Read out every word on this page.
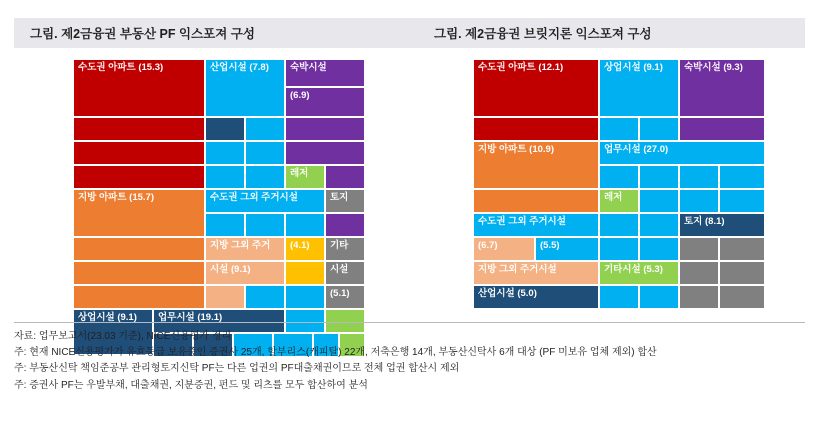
그림. 제2금융권 부동산 PF 익스포져 구성	그림. 제2금융권 브릿지론 익스포져 구성
수도권 아파트 (15.3)	산업시설 (7.8) 숙박시설
(6.9)
레저
지방 아파트 (15.7)	수도권 그외 주거시설	토지
지방 그외 주거 (4.1) 기타
시설 (9.1)	시설
(5.1)
상업시설 (9.1) 업무시설 (19.1)
수도권 아파트 (12.1)	상업시설 (9.1) 숙박시설 (9.3)
지방 아파트 (10.9)	업무시설 (27.0)
레저
수도권 그외 주거시설	토지 (8.1)
(6.7)	(5.5)
지방 그외 주거시설	기타시설 (5.3)
산업시설 (5.0)
자료: 업무보고서(23.03 기준), NICE신용평가 정리
주: 현재 NICE신용평가가 유효등급 보유중인 증권사 25개, 할부리스(캐피탈) 22개, 저축은행 14개, 부동산신탁사 6개 대상 (PF 미보유 업체 제외) 합산
주: 부동산신탁 책임준공부 관리형토지신탁 PF는 다른 업권의 PF대출채권이므로 전체 업권 합산시 제외
주: 증권사 PF는 우발부채, 대출채권, 지분증권, 펀드 및 리츠를 모두 합산하여 분석
